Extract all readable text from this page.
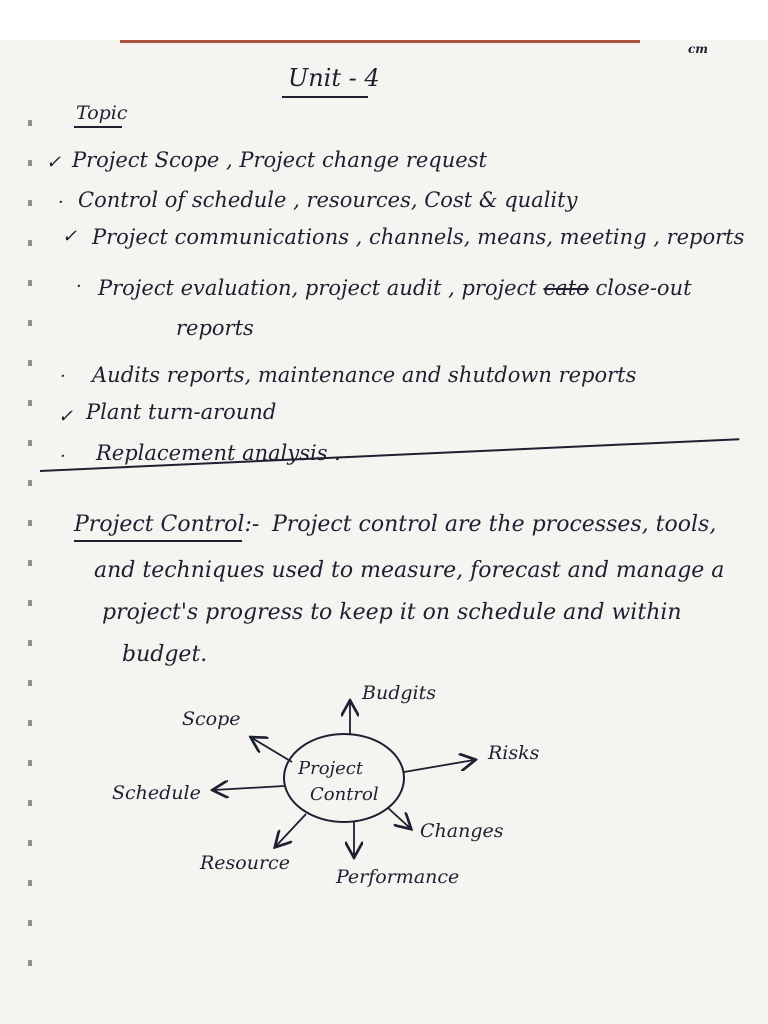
cm
Unit - 4
Topic
✓ Project Scope , Project change request
· Control of schedule , resources, Cost & quality
✓ Project communications , channels, means, meeting , reports
· Project evaluation, project audit , project cato close-out
reports
· Audits reports, maintenance and shutdown reports
✓ Plant turn-around
· Replacement analysis .
Project Control:- Project control are the processes, tools,
and techniques used to measure, forecast and manage a
project's progress to keep it on schedule and within
budget.
Project
Control
Budgits
Scope
Risks
Schedule
Changes
Resource
Performance
